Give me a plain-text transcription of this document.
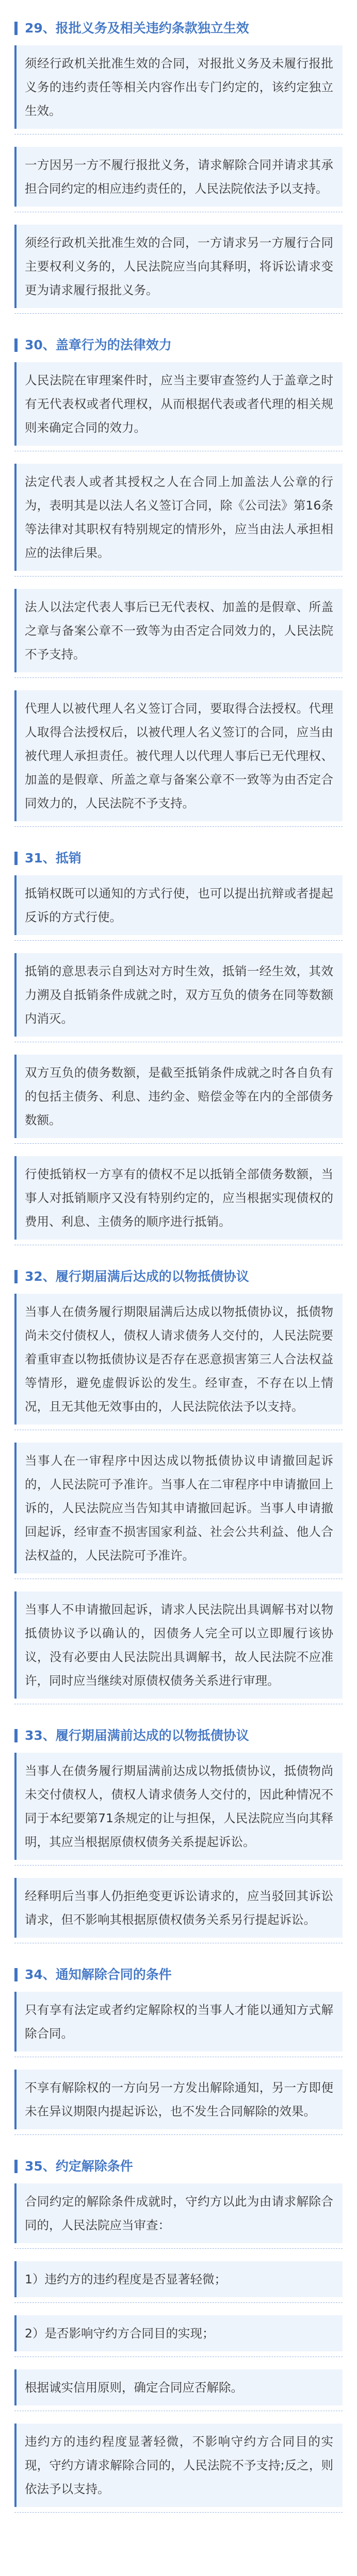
29、报批义务及相关违约条款独立生效

须经行政机关批准生效的合同，对报批义务及未履行报批义务的违约责任等相关内容作出专门约定的，该约定独立生效。

一方因另一方不履行报批义务，请求解除合同并请求其承担合同约定的相应违约责任的，人民法院依法予以支持。

须经行政机关批准生效的合同，一方请求另一方履行合同主要权利义务的，人民法院应当向其释明，将诉讼请求变更为请求履行报批义务。

30、盖章行为的法律效力

人民法院在审理案件时，应当主要审查签约人于盖章之时有无代表权或者代理权，从而根据代表或者代理的相关规则来确定合同的效力。

法定代表人或者其授权之人在合同上加盖法人公章的行为，表明其是以法人名义签订合同，除《公司法》第16条等法律对其职权有特别规定的情形外，应当由法人承担相应的法律后果。

法人以法定代表人事后已无代表权、加盖的是假章、所盖之章与备案公章不一致等为由否定合同效力的，人民法院不予支持。

代理人以被代理人名义签订合同，要取得合法授权。代理人取得合法授权后，以被代理人名义签订的合同，应当由被代理人承担责任。被代理人以代理人事后已无代理权、加盖的是假章、所盖之章与备案公章不一致等为由否定合同效力的，人民法院不予支持。

31、抵销

抵销权既可以通知的方式行使，也可以提出抗辩或者提起反诉的方式行使。

抵销的意思表示自到达对方时生效，抵销一经生效，其效力溯及自抵销条件成就之时，双方互负的债务在同等数额内消灭。

双方互负的债务数额，是截至抵销条件成就之时各自负有的包括主债务、利息、违约金、赔偿金等在内的全部债务数额。

行使抵销权一方享有的债权不足以抵销全部债务数额，当事人对抵销顺序又没有特别约定的，应当根据实现债权的费用、利息、主债务的顺序进行抵销。

32、履行期届满后达成的以物抵债协议

当事人在债务履行期限届满后达成以物抵债协议，抵债物尚未交付债权人，债权人请求债务人交付的，人民法院要着重审查以物抵债协议是否存在恶意损害第三人合法权益等情形，避免虚假诉讼的发生。经审查，不存在以上情况，且无其他无效事由的，人民法院依法予以支持。

当事人在一审程序中因达成以物抵债协议申请撤回起诉的，人民法院可予准许。当事人在二审程序中申请撤回上诉的，人民法院应当告知其申请撤回起诉。当事人申请撤回起诉，经审查不损害国家利益、社会公共利益、他人合法权益的，人民法院可予准许。

当事人不申请撤回起诉，请求人民法院出具调解书对以物抵债协议予以确认的，因债务人完全可以立即履行该协议，没有必要由人民法院出具调解书，故人民法院不应准许，同时应当继续对原债权债务关系进行审理。

33、履行期届满前达成的以物抵债协议

当事人在债务履行期届满前达成以物抵债协议，抵债物尚未交付债权人，债权人请求债务人交付的，因此种情况不同于本纪要第71条规定的让与担保，人民法院应当向其释明，其应当根据原债权债务关系提起诉讼。

经释明后当事人仍拒绝变更诉讼请求的，应当驳回其诉讼请求，但不影响其根据原债权债务关系另行提起诉讼。

34、通知解除合同的条件

只有享有法定或者约定解除权的当事人才能以通知方式解除合同。

不享有解除权的一方向另一方发出解除通知，另一方即便未在异议期限内提起诉讼，也不发生合同解除的效果。

35、约定解除条件

合同约定的解除条件成就时，守约方以此为由请求解除合同的，人民法院应当审查：

1）违约方的违约程度是否显著轻微；

2）是否影响守约方合同目的实现；

根据诚实信用原则，确定合同应否解除。

违约方的违约程度显著轻微，不影响守约方合同目的实现，守约方请求解除合同的，人民法院不予支持;反之，则依法予以支持。
